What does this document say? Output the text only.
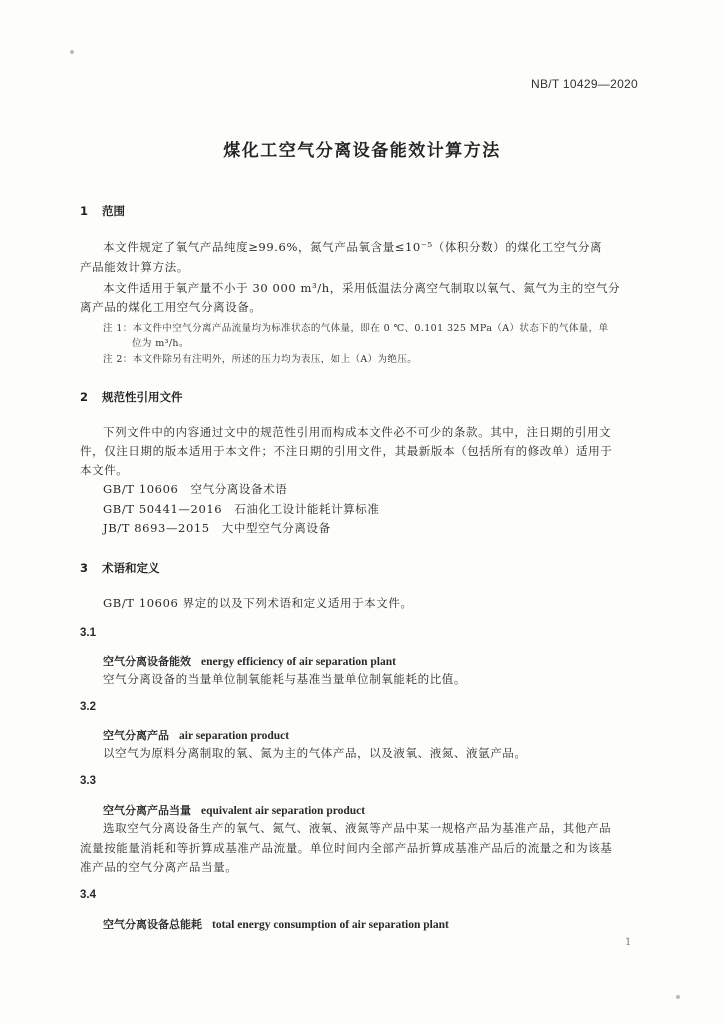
NB/T 10429—2020
煤化工空气分离设备能效计算方法
1 范围
本文件规定了氧气产品纯度≥99.6%，氮气产品氧含量≤10⁻⁵（体积分数）的煤化工空气分离
产品能效计算方法。
本文件适用于氧产量不小于 30 000 m³/h，采用低温法分离空气制取以氧气、氮气为主的空气分
离产品的煤化工用空气分离设备。
注 1：本文件中空气分离产品流量均为标准状态的气体量，即在 0 ℃、0.101 325 MPa（A）状态下的气体量，单
位为 m³/h。
注 2：本文件除另有注明外，所述的压力均为表压，如上（A）为绝压。
2 规范性引用文件
下列文件中的内容通过文中的规范性引用而构成本文件必不可少的条款。其中，注日期的引用文
件，仅注日期的版本适用于本文件；不注日期的引用文件，其最新版本（包括所有的修改单）适用于
本文件。
GB/T 10606　空气分离设备术语
GB/T 50441—2016　石油化工设计能耗计算标准
JB/T 8693—2015　大中型空气分离设备
3 术语和定义
GB/T 10606 界定的以及下列术语和定义适用于本文件。
3.1
空气分离设备能效 energy efficiency of air separation plant
空气分离设备的当量单位制氧能耗与基准当量单位制氧能耗的比值。
3.2
空气分离产品 air separation product
以空气为原料分离制取的氧、氮为主的气体产品，以及液氧、液氮、液氩产品。
3.3
空气分离产品当量 equivalent air separation product
选取空气分离设备生产的氧气、氮气、液氧、液氮等产品中某一规格产品为基准产品，其他产品
流量按能量消耗和等折算成基准产品流量。单位时间内全部产品折算成基准产品后的流量之和为该基
准产品的空气分离产品当量。
3.4
空气分离设备总能耗 total energy consumption of air separation plant
1
